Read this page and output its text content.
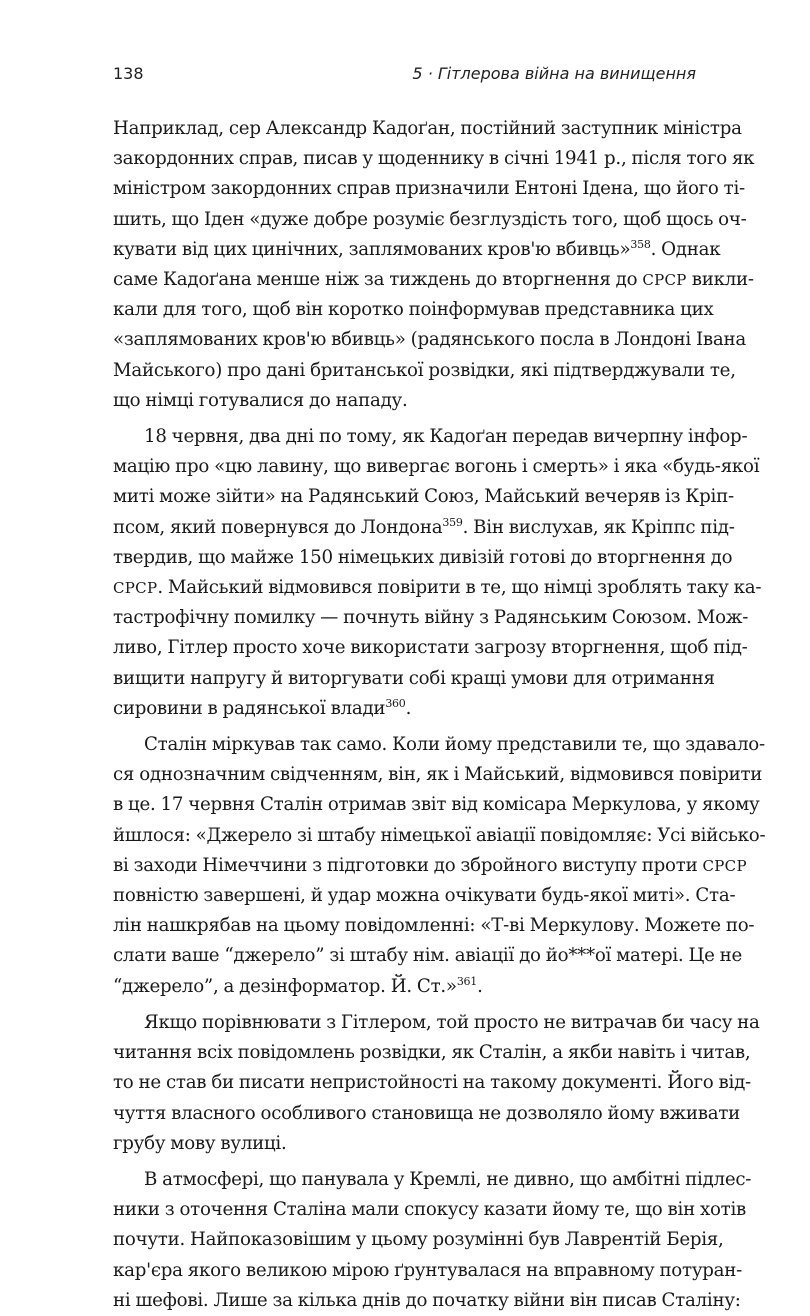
138	5 · Гітлерова війна на винищення

Наприклад, сер Александр Кадоґан, постійний заступник міністра
закордонних справ, писав у щоденнику в січні 1941 р., після того як
міністром закордонних справ призначили Ентоні Ідена, що його ті-
шить, що Іден «дуже добре розуміє безглуздість того, щоб щось оч-
кувати від цих цинічних, заплямованих кров'ю вбивць»$^{358}$. Однак
саме Кадоґана менше ніж за тиждень до вторгнення до СРСР викли-
кали для того, щоб він коротко поінформував представника цих
«заплямованих кров'ю вбивць» (радянського посла в Лондоні Івана
Майського) про дані британської розвідки, які підтверджували те,
що німці готувалися до нападу.

18 червня, два дні по тому, як Кадоґан передав вичерпну інфор-
мацію про «цю лавину, що вивергає вогонь і смерть» і яка «будь-якої
миті може зійти» на Радянський Союз, Майський вечеряв із Кріп-
псом, який повернувся до Лондона$^{359}$. Він вислухав, як Кріппс під-
твердив, що майже 150 німецьких дивізій готові до вторгнення до
СРСР. Майський відмовився повірити в те, що німці зроблять таку ка-
тастрофічну помилку — почнуть війну з Радянським Союзом. Мож-
ливо, Гітлер просто хоче використати загрозу вторгнення, щоб під-
вищити напругу й виторгувати собі кращі умови для отримання
сировини в радянської влади$^{360}$.

Сталін міркував так само. Коли йому представили те, що здавало-
ся однозначним свідченням, він, як і Майський, відмовився повірити
в це. 17 червня Сталін отримав звіт від комісара Меркулова, у якому
йшлося: «Джерело зі штабу німецької авіації повідомляє: Усі військо-
ві заходи Німеччини з підготовки до збройного виступу проти СРСР
повністю завершені, й удар можна очікувати будь-якої миті». Ста-
лін нашкрябав на цьому повідомленні: «Т-ві Меркулову. Можете по-
слати ваше “джерело” зі штабу нім. авіації до йо***ої матері. Це не
“джерело”, а дезінформатор. Й. Ст.»$^{361}$.

Якщо порівнювати з Гітлером, той просто не витрачав би часу на
читання всіх повідомлень розвідки, як Сталін, а якби навіть і читав,
то не став би писати непристойності на такому документі. Його від-
чуття власного особливого становища не дозволяло йому вживати
грубу мову вулиці.

В атмосфері, що панувала у Кремлі, не дивно, що амбітні підлес-
ники з оточення Сталіна мали спокусу казати йому те, що він хотів
почути. Найпоказовішим у цьому розумінні був Лаврентій Берія,
кар'єра якого великою мірою ґрунтувалася на вправному потуран-
ні шефові. Лише за кілька днів до початку війни він писав Сталіну:
